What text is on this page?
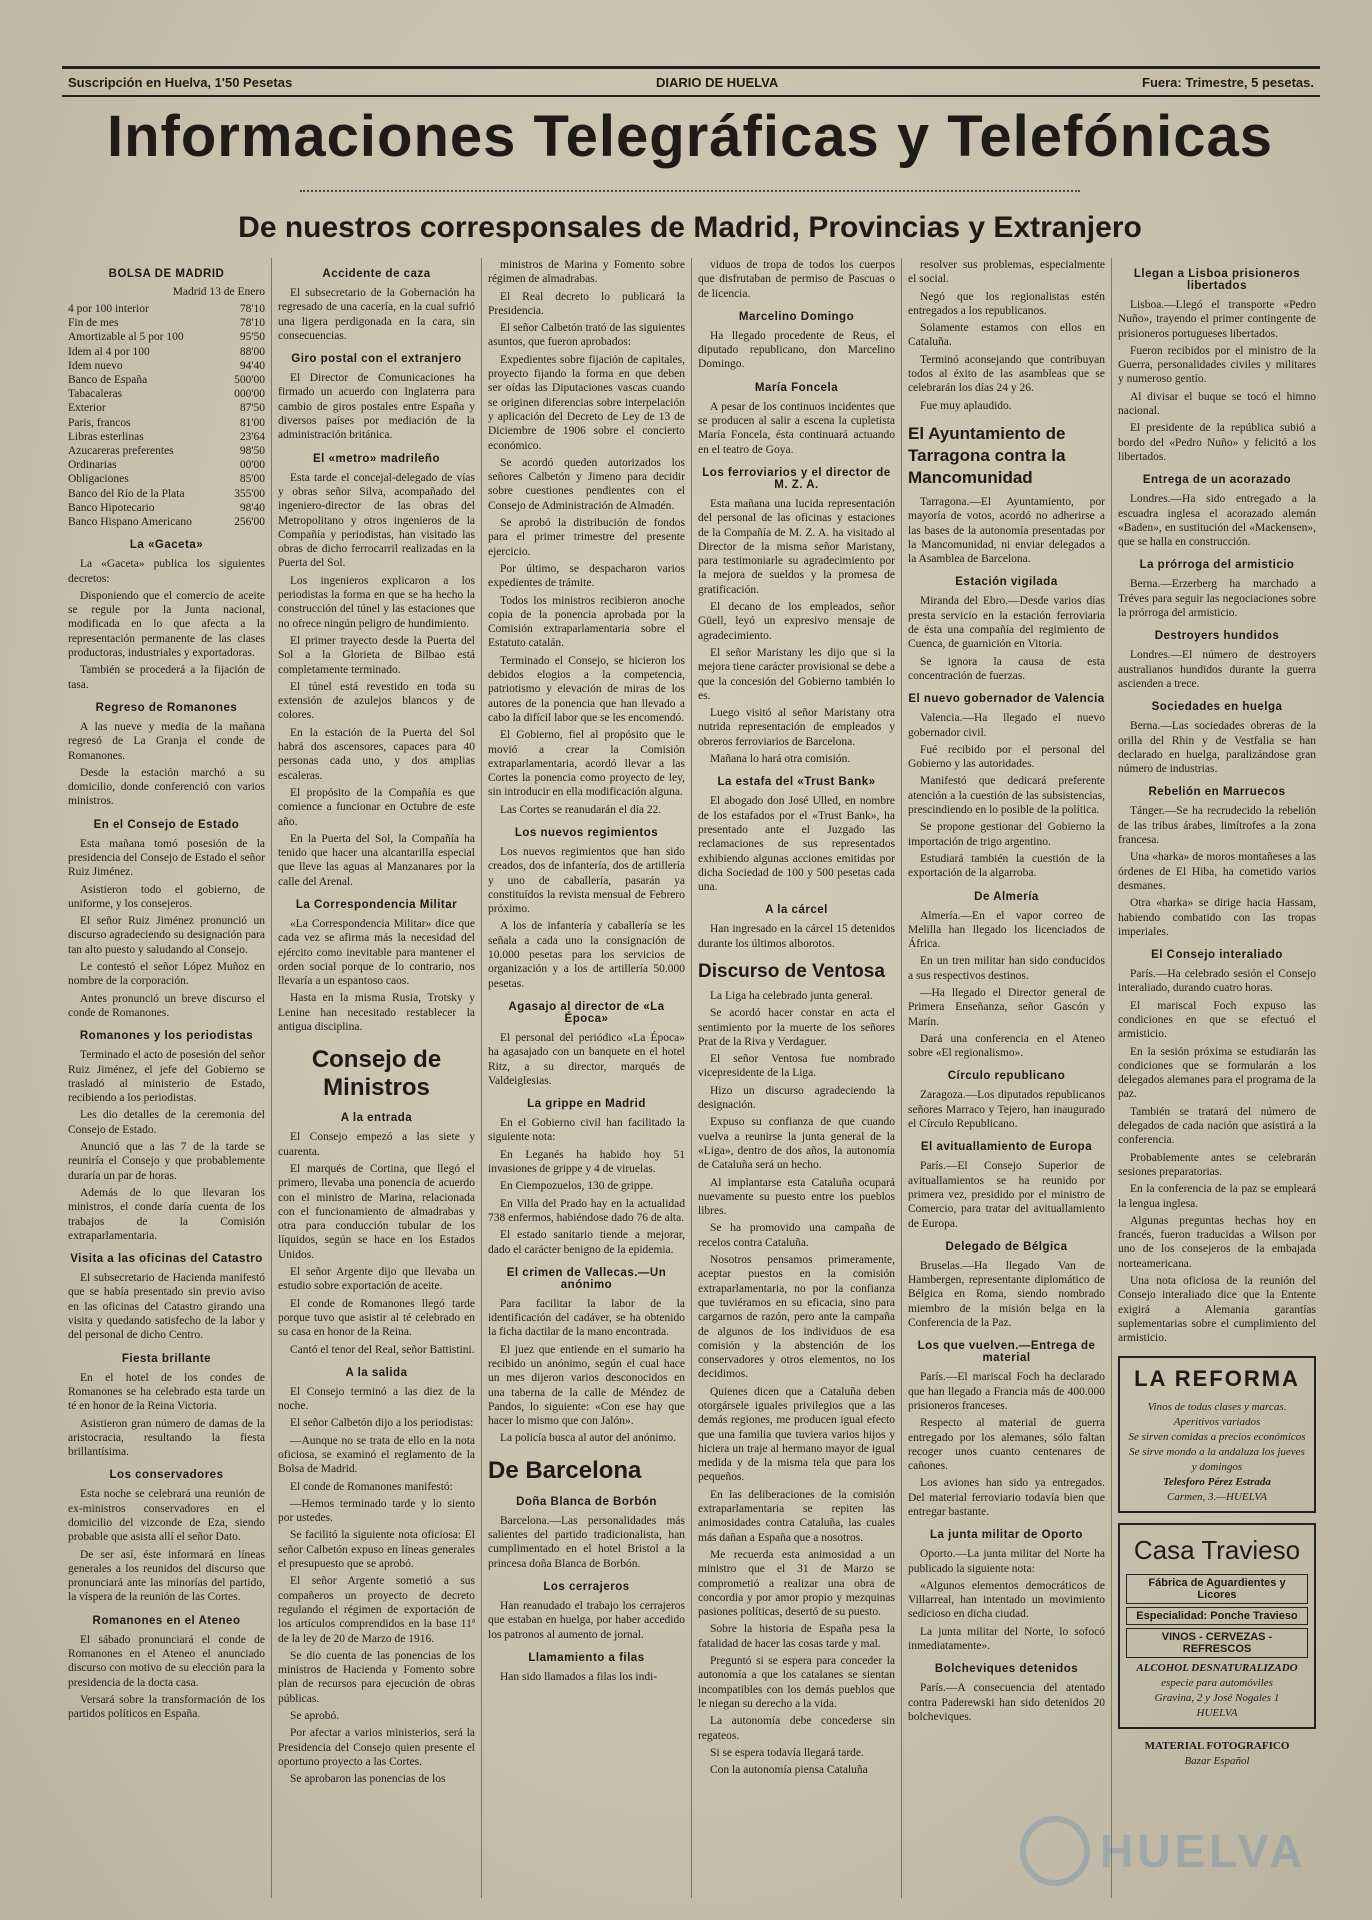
Suscripción en Huelva, 1'50 Pesetas	DIARIO DE HUELVA	Fuera: Trimestre, 5 pesetas.
Informaciones Telegráficas y Telefónicas
De nuestros corresponsales de Madrid, Provincias y Extranjero
BOLSA DE MADRID
Madrid 13 de Enero
4 por 100 interior	78'10
Fin de mes	78'10
Amortizable al 5 por 100	95'50
Idem al 4 por 100	88'00
Idem nuevo	94'40
Banco de España	500'00
Tabacaleras	000'00
Exterior	87'50
Paris, francos	81'00
Libras esterlinas	23'64
Azucareras preferentes	98'50
Ordinarias	00'00
Obligaciones	85'00
Banco del Río de la Plata	355'00
Banco Hipotecario	98'40
Banco Hispano Americano	256'00
La «Gaceta»

La «Gaceta» publica los siguientes decretos:

Disponiendo que el comercio de aceite se regule por la Junta nacional, modificada en lo que afecta a la representación permanente de las clases productoras, industriales y exportadoras.

También se procederá a la fijación de tasa.

Regreso de Romanones

A las nueve y media de la mañana regresó de La Granja el conde de Romanones.

Desde la estación marchó a su domicilio, donde conferenció con varios ministros.

En el Consejo de Estado

Esta mañana tomó posesión de la presidencia del Consejo de Estado el señor Ruiz Jiménez.

Asistieron todo el gobierno, de uniforme, y los consejeros.

El señor Ruiz Jiménez pronunció un discurso agradeciendo su designación para tan alto puesto y saludando al Consejo.

Le contestó el señor López Muñoz en nombre de la corporación.

Antes pronunció un breve discurso el conde de Romanones.

Romanones y los periodistas

Terminado el acto de posesión del señor Ruiz Jiménez, el jefe del Gobierno se trasladó al ministerio de Estado, recibiendo a los periodistas.

Les dio detalles de la ceremonia del Consejo de Estado.

Anunció que a las 7 de la tarde se reuniría el Consejo y que probablemente duraría un par de horas.

Además de lo que llevaran los ministros, el conde daría cuenta de los trabajos de la Comisión extraparlamentaria.

Visita a las oficinas del Catastro

El subsecretario de Hacienda manifestó que se había presentado sin previo aviso en las oficinas del Catastro girando una visita y quedando satisfecho de la labor y del personal de dicho Centro.

Fiesta brillante

En el hotel de los condes de Romanones se ha celebrado esta tarde un té en honor de la Reina Victoria.

Asistieron gran número de damas de la aristocracia, resultando la fiesta brillantísima.

Los conservadores

Esta noche se celebrará una reunión de ex-ministros conservadores en el domicilio del vizconde de Eza, siendo probable que asista allí el señor Dato.

De ser así, éste informará en líneas generales a los reunidos del discurso que pronunciará ante las minorías del partido, la víspera de la reunión de las Cortes.

Romanones en el Ateneo

El sábado pronunciará el conde de Romanones en el Ateneo el anunciado discurso con motivo de su elección para la presidencia de la docta casa.

Versará sobre la transformación de los partidos políticos en España.

Accidente de caza

El subsecretario de la Gobernación ha regresado de una cacería, en la cual sufrió una ligera perdigonada en la cara, sin consecuencias.

Giro postal con el extranjero

El Director de Comunicaciones ha firmado un acuerdo con Inglaterra para cambio de giros postales entre España y diversos países por mediación de la administración británica.

El «metro» madrileño

Esta tarde el concejal-delegado de vías y obras señor Silva, acompañado del ingeniero-director de las obras del Metropolitano y otros ingenieros de la Compañía y periodistas, han visitado las obras de dicho ferrocarril realizadas en la Puerta del Sol.

Los ingenieros explicaron a los periodistas la forma en que se ha hecho la construcción del túnel y las estaciones que no ofrece ningún peligro de hundimiento.

El primer trayecto desde la Puerta del Sol a la Glorieta de Bilbao está completamente terminado.

El túnel está revestido en toda su extensión de azulejos blancos y de colores.

En la estación de la Puerta del Sol habrá dos ascensores, capaces para 40 personas cada uno, y dos amplias escaleras.

El propósito de la Compañía es que comience a funcionar en Octubre de este año.

En la Puerta del Sol, la Compañía ha tenido que hacer una alcantarilla especial que lleve las aguas al Manzanares por la calle del Arenal.

La Correspondencia Militar

«La Correspondencia Militar» dice que cada vez se afirma más la necesidad del ejército como inevitable para mantener el orden social porque de lo contrario, nos llevaría a un espantoso caos.

Hasta en la misma Rusia, Trotsky y Lenine han necesitado restablecer la antigua disciplina.

Consejo de Ministros
A la entrada

El Consejo empezó a las siete y cuarenta.

El marqués de Cortina, que llegó el primero, llevaba una ponencia de acuerdo con el ministro de Marina, relacionada con el funcionamiento de almadrabas y otra para conducción tubular de los líquidos, según se hace en los Estados Unidos.

El señor Argente dijo que llevaba un estudio sobre exportación de aceite.

El conde de Romanones llegó tarde porque tuvo que asistir al té celebrado en su casa en honor de la Reina.

Cantó el tenor del Real, señor Battistini.

A la salida

El Consejo terminó a las diez de la noche.

El señor Calbetón dijo a los periodistas:

—Aunque no se trata de ello en la nota oficiosa, se examinó el reglamento de la Bolsa de Madrid.

El conde de Romanones manifestó:

—Hemos terminado tarde y lo siento por ustedes.

Se facilitó la siguiente nota oficiosa: El señor Calbetón expuso en líneas generales el presupuesto que se aprobó.

El señor Argente sometió a sus compañeros un proyecto de decreto regulando el régimen de exportación de los artículos comprendidos en la base 11ª de la ley de 20 de Marzo de 1916.

Se dio cuenta de las ponencias de los ministros de Hacienda y Fomento sobre plan de recursos para ejecución de obras públicas.

Se aprobó.

Por afectar a varios ministerios, será la Presidencia del Consejo quien presente el oportuno proyecto a las Cortes.

Se aprobaron las ponencias de los

ministros de Marina y Fomento sobre régimen de almadrabas.

El Real decreto lo publicará la Presidencia.

El señor Calbetón trató de las siguientes asuntos, que fueron aprobados:

Expedientes sobre fijación de capitales, proyecto fijando la forma en que deben ser oídas las Diputaciones vascas cuando se originen diferencias sobre interpelación y aplicación del Decreto de Ley de 13 de Diciembre de 1906 sobre el concierto económico.

Se acordó queden autorizados los señores Calbetón y Jimeno para decidir sobre cuestiones pendientes con el Consejo de Administración de Almadén.

Se aprobó la distribución de fondos para el primer trimestre del presente ejercicio.

Por último, se despacharon varios expedientes de trámite.

Todos los ministros recibieron anoche copia de la ponencia aprobada por la Comisión extraparlamentaria sobre el Estatuto catalán.

Terminado el Consejo, se hicieron los debidos elogios a la competencia, patriotismo y elevación de miras de los autores de la ponencia que han llevado a cabo la difícil labor que se les encomendó.

El Gobierno, fiel al propósito que le movió a crear la Comisión extraparlamentaria, acordó llevar a las Cortes la ponencia como proyecto de ley, sin introducir en ella modificación alguna.

Las Cortes se reanudarán el día 22.

Los nuevos regimientos

Los nuevos regimientos que han sido creados, dos de infantería, dos de artillería y uno de caballería, pasarán ya constituídos la revista mensual de Febrero próximo.

A los de infantería y caballería se les señala a cada uno la consignación de 10.000 pesetas para los servicios de organización y a los de artillería 50.000 pesetas.

Agasajo al director de «La Época»

El personal del periódico «La Época» ha agasajado con un banquete en el hotel Ritz, a su director, marqués de Valdeiglesias.

La grippe en Madrid

En el Gobierno civil han facilitado la siguiente nota:

En Leganés ha habido hoy 51 invasiones de grippe y 4 de viruelas.

En Ciempozuelos, 130 de grippe.

En Villa del Prado hay en la actualidad 738 enfermos, habiéndose dado 76 de alta.

El estado sanitario tiende a mejorar, dado el carácter benigno de la epidemia.

El crimen de Vallecas.—Un anónimo

Para facilitar la labor de la identificación del cadáver, se ha obtenido la ficha dactilar de la mano encontrada.

El juez que entiende en el sumario ha recibido un anónimo, según el cual hace un mes dijeron varios desconocidos en una taberna de la calle de Méndez de Pandos, lo siguiente: «Con ese hay que hacer lo mismo que con Jalón».

La policía busca al autor del anónimo.

De Barcelona
Doña Blanca de Borbón

Barcelona.—Las personalidades más salientes del partido tradicionalista, han cumplimentado en el hotel Bristol a la princesa doña Blanca de Borbón.

Los cerrajeros

Han reanudado el trabajo los cerrajeros que estaban en huelga, por haber accedido los patronos al aumento de jornal.

Llamamiento a filas

Han sido llamados a filas los indi-

viduos de tropa de todos los cuerpos que disfrutaban de permiso de Pascuas o de licencia.

Marcelino Domingo

Ha llegado procedente de Reus, el diputado republicano, don Marcelino Domingo.

María Foncela

A pesar de los continuos incidentes que se producen al salir a escena la cupletista María Foncela, ésta continuará actuando en el teatro de Goya.

Los ferroviarios y el director de M. Z. A.

Esta mañana una lucida representación del personal de las oficinas y estaciones de la Compañía de M. Z. A. ha visitado al Director de la misma señor Maristany, para testimoniarle su agradecimiento por la mejora de sueldos y la promesa de gratificación.

El decano de los empleados, señor Güell, leyó un expresivo mensaje de agradecimiento.

El señor Maristany les dijo que si la mejora tiene carácter provisional se debe a que la concesión del Gobierno también lo es.

Luego visitó al señor Maristany otra nutrida representación de empleados y obreros ferroviarios de Barcelona.

Mañana lo hará otra comisión.

La estafa del «Trust Bank»

El abogado don José Ulled, en nombre de los estafados por el «Trust Bank», ha presentado ante el Juzgado las reclamaciones de sus representados exhibiendo algunas acciones emitidas por dicha Sociedad de 100 y 500 pesetas cada una.

A la cárcel

Han ingresado en la cárcel 15 detenidos durante los últimos alborotos.

Discurso de Ventosa

La Liga ha celebrado junta general.

Se acordó hacer constar en acta el sentimiento por la muerte de los señores Prat de la Riva y Verdaguer.

El señor Ventosa fue nombrado vicepresidente de la Liga.

Hizo un discurso agradeciendo la designación.

Expuso su confianza de que cuando vuelva a reunirse la junta general de la «Liga», dentro de dos años, la autonomía de Cataluña será un hecho.

Al implantarse esta Cataluña ocupará nuevamente su puesto entre los pueblos libres.

Se ha promovido una campaña de recelos contra Cataluña.

Nosotros pensamos primeramente, aceptar puestos en la comisión extraparlamentaria, no por la confianza que tuviéramos en su eficacia, sino para cargarnos de razón, pero ante la campaña de algunos de los individuos de esa comisión y la abstención de los conservadores y otros elementos, no los decidimos.

Quienes dicen que a Cataluña deben otorgársele iguales privilegios que a las demás regiones, me producen igual efecto que una familia que tuviera varios hijos y hiciera un traje al hermano mayor de igual medida y de la misma tela que para los pequeños.

En las deliberaciones de la comisión extraparlamentaria se repiten las animosidades contra Cataluña, las cuales más dañan a España que a nosotros.

Me recuerda esta animosidad a un ministro que el 31 de Marzo se comprometió a realizar una obra de concordia y por amor propio y mezquinas pasiones políticas, desertó de su puesto.

Sobre la historia de España pesa la fatalidad de hacer las cosas tarde y mal.

Preguntó si se espera para conceder la autonomía a que los catalanes se sientan incompatibles con los demás pueblos que le niegan su derecho a la vida.

La autonomía debe concederse sin regateos.

Si se espera todavía llegará tarde.

Con la autonomía piensa Cataluña

resolver sus problemas, especialmente el social.

Negó que los regionalistas estén entregados a los republicanos.

Solamente estamos con ellos en Cataluña.

Terminó aconsejando que contribuyan todos al éxito de las asambleas que se celebrarán los días 24 y 26.

Fue muy aplaudido.

El Ayuntamiento de Tarragona contra la Mancomunidad

Tarragona.—El Ayuntamiento, por mayoría de votos, acordó no adherirse a las bases de la autonomía presentadas por la Mancomunidad, ni enviar delegados a la Asamblea de Barcelona.

Estación vigilada

Miranda del Ebro.—Desde varios días presta servicio en la estación ferroviaria de ésta una compañía del regimiento de Cuenca, de guarnición en Vitoria.

Se ignora la causa de esta concentración de fuerzas.

El nuevo gobernador de Valencia

Valencia.—Ha llegado el nuevo gobernador civil.

Fué recibido por el personal del Gobierno y las autoridades.

Manifestó que dedicará preferente atención a la cuestión de las subsistencias, prescindiendo en lo posible de la política.

Se propone gestionar del Gobierno la importación de trigo argentino.

Estudiará también la cuestión de la exportación de la algarroba.

De Almería

Almería.—En el vapor correo de Melilla han llegado los licenciados de África.

En un tren militar han sido conducidos a sus respectivos destinos.

—Ha llegado el Director general de Primera Enseñanza, señor Gascón y Marín.

Dará una conferencia en el Ateneo sobre «El regionalismo».

Círculo republicano

Zaragoza.—Los diputados republicanos señores Marraco y Tejero, han inaugurado el Círculo Republicano.

El avituallamiento de Europa

París.—El Consejo Superior de avituallamientos se ha reunido por primera vez, presidido por el ministro de Comercio, para tratar del avituallamiento de Europa.

Delegado de Bélgica

Bruselas.—Ha llegado Van de Hambergen, representante diplomático de Bélgica en Roma, siendo nombrado miembro de la misión belga en la Conferencia de la Paz.

Los que vuelven.—Entrega de material

París.—El mariscal Foch ha declarado que han llegado a Francia más de 400.000 prisioneros franceses.

Respecto al material de guerra entregado por los alemanes, sólo faltan recoger unos cuanto centenares de cañones.

Los aviones han sido ya entregados. Del material ferroviario todavía bien que entregar bastante.

La junta militar de Oporto

Oporto.—La junta militar del Norte ha publicado la siguiente nota:

«Algunos elementos democráticos de Villarreal, han intentado un movimiento sedicioso en dicha ciudad.

La junta militar del Norte, lo sofocó inmediatamente».

Bolcheviques detenidos

París.—A consecuencia del atentado contra Paderewski han sido detenidos 20 bolcheviques.

Llegan a Lisboa prisioneros libertados

Lisboa.—Llegó el transporte «Pedro Nuño», trayendo el primer contingente de prisioneros portugueses libertados.

Fueron recibidos por el ministro de la Guerra, personalidades civiles y militares y numeroso gentío.

Al divisar el buque se tocó el himno nacional.

El presidente de la república subió a bordo del «Pedro Nuño» y felicitó a los libertados.

Entrega de un acorazado

Londres.—Ha sido entregado a la escuadra inglesa el acorazado alemán «Baden», en sustitución del «Mackensen», que se halla en construcción.

La prórroga del armisticio

Berna.—Erzerberg ha marchado a Tréves para seguir las negociaciones sobre la prórroga del armisticio.

Destroyers hundidos

Londres.—El número de destroyers australianos hundidos durante la guerra ascienden a trece.

Sociedades en huelga

Berna.—Las sociedades obreras de la orilla del Rhin y de Vestfalia se han declarado en huelga, paralizándose gran número de industrias.

Rebelión en Marruecos

Tánger.—Se ha recrudecido la rebelión de las tribus árabes, limítrofes a la zona francesa.

Una «harka» de moros montañeses a las órdenes de El Hiba, ha cometido varios desmanes.

Otra «harka» se dirige hacia Hassam, habiendo combatido con las tropas imperiales.

El Consejo interaliado

París.—Ha celebrado sesión el Consejo interaliado, durando cuatro horas.

El mariscal Foch expuso las condiciones en que se efectuó el armisticio.

En la sesión próxima se estudiarán las condiciones que se formularán a los delegados alemanes para el programa de la paz.

También se tratará del número de delegados de cada nación que asistirá a la conferencia.

Probablemente antes se celebrarán sesiones preparatorias.

En la conferencia de la paz se empleará la lengua inglesa.

Algunas preguntas hechas hoy en francés, fueron traducidas a Wilson por uno de los consejeros de la embajada norteamericana.

Una nota oficiosa de la reunión del Consejo interaliado dice que la Entente exigirá a Alemania garantías suplementarias sobre el cumplimiento del armisticio.

LA REFORMA
Vinos de todas clases y marcas.
Aperitivos variados
Se sirven comidas a precios económicos
Se sirve mondo a la andaluza los jueves y domingos
Telesforo Pérez Estrada
Carmen, 3.—HUELVA
Casa Travieso
Fábrica de Aguardientes y Licores
Especialidad: Ponche Travieso
VINOS - CERVEZAS - REFRESCOS
ALCOHOL DESNATURALIZADO
especie para automóviles
Gravina, 2 y José Nogales 1
HUELVA
MATERIAL FOTOGRAFICO
Bazar Español
HUELVA
